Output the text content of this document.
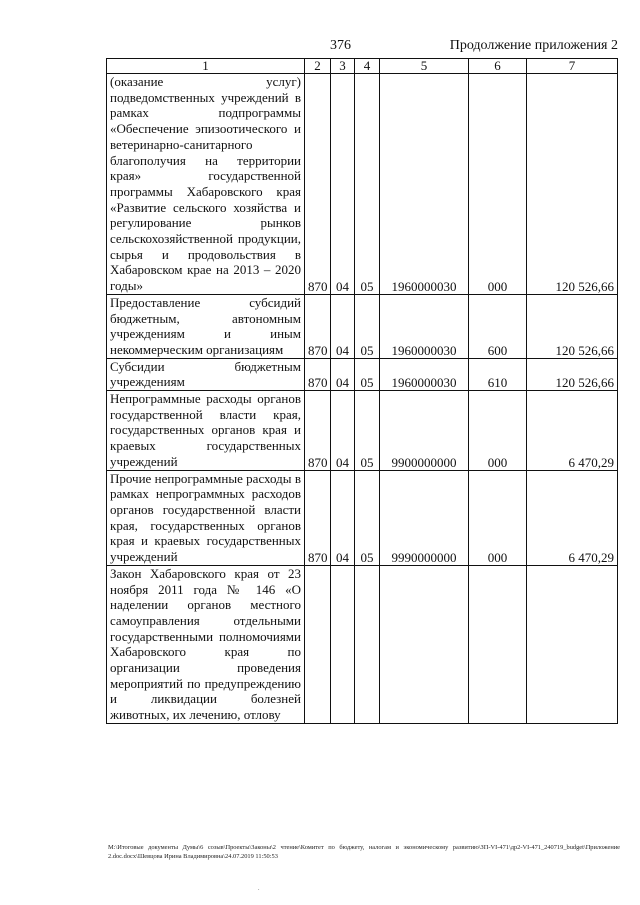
376	Продолжение приложения 2
1	2	3	4	5	6	7

(оказание услуг) подведомственных учреждений в рамках подпрограммы «Обеспечение эпизоотического и ветеринарно-санитарного благополучия на территории края» государственной программы Хабаровского края «Развитие сельского хозяйства и регулирование рынков сельскохозяйственной продукции, сырья и продовольствия в Хабаровском крае на 2013 – 2020 годы»	870	04	05	1960000030	000	120 526,66

Предоставление субсидий бюджетным, автономным учреждениям и иным некоммерческим организациям	870	04	05	1960000030	600	120 526,66

Субсидии бюджетным учреждениям	870	04	05	1960000030	610	120 526,66

Непрограммные расходы органов государственной власти края, государственных органов края и краевых государственных учреждений	870	04	05	9900000000	000	6 470,29

Прочие непрограммные расходы в рамках непрограммных расходов органов государственной власти края, государственных органов края и краевых государственных учреждений	870	04	05	9990000000	000	6 470,29

Закон Хабаровского края от 23 ноября 2011 года № 146 «О наделении органов местного самоуправления отдельными государственными полномочиями Хабаровского края по организации проведения мероприятий по предупреждению и ликвидации болезней животных, их лечению, отлову						

M:\Итоговые документы Думы\6 созыв\Проекты\Законы\2 чтение\Комитет по бюджету, налогам и экономическому развитию\ЗП-VI-471\др2-VI-471_240719_budget\Приложение 2.doc.docx\Шевцова Ирина Владимировна\24.07.2019 11:50:53
.
